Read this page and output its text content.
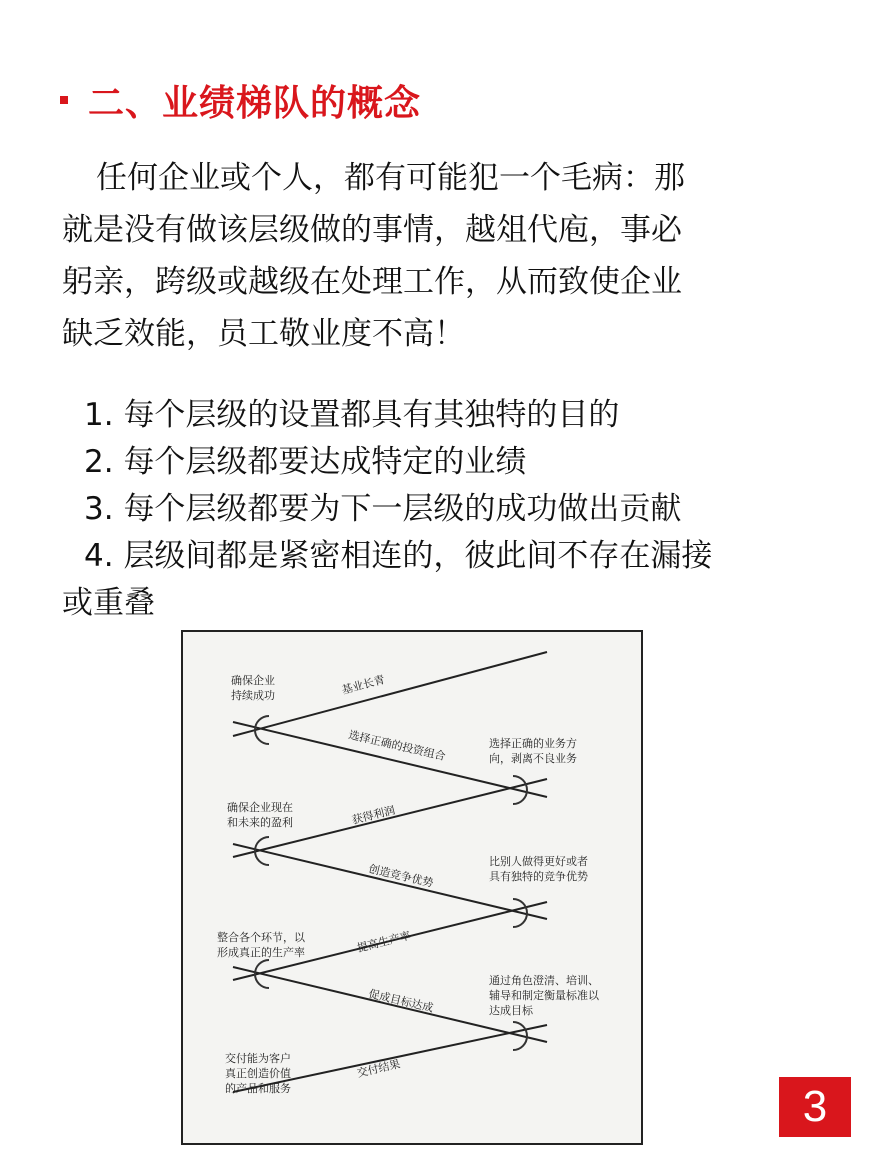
二、业绩梯队的概念

任何企业或个人，都有可能犯一个毛病：那
就是没有做该层级做的事情，越俎代庖，事必
躬亲，跨级或越级在处理工作，从而致使企业
缺乏效能，员工敬业度不高！

1. 每个层级的设置都具有其独特的目的
2. 每个层级都要达成特定的业绩
3. 每个层级都要为下一层级的成功做出贡献
4. 层级间都是紧密相连的，彼此间不存在漏接
或重叠
基业长青
选择正确的投资组合
获得利润
创造竞争优势
提高生产率
促成目标达成
交付结果
确保企业
持续成功
确保企业现在
和未来的盈利
整合各个环节，以
形成真正的生产率
交付能为客户
真正创造价值
的产品和服务
选择正确的业务方
向，剥离不良业务
比别人做得更好或者
具有独特的竞争优势
通过角色澄清、培训、
辅导和制定衡量标准以
达成目标
3
